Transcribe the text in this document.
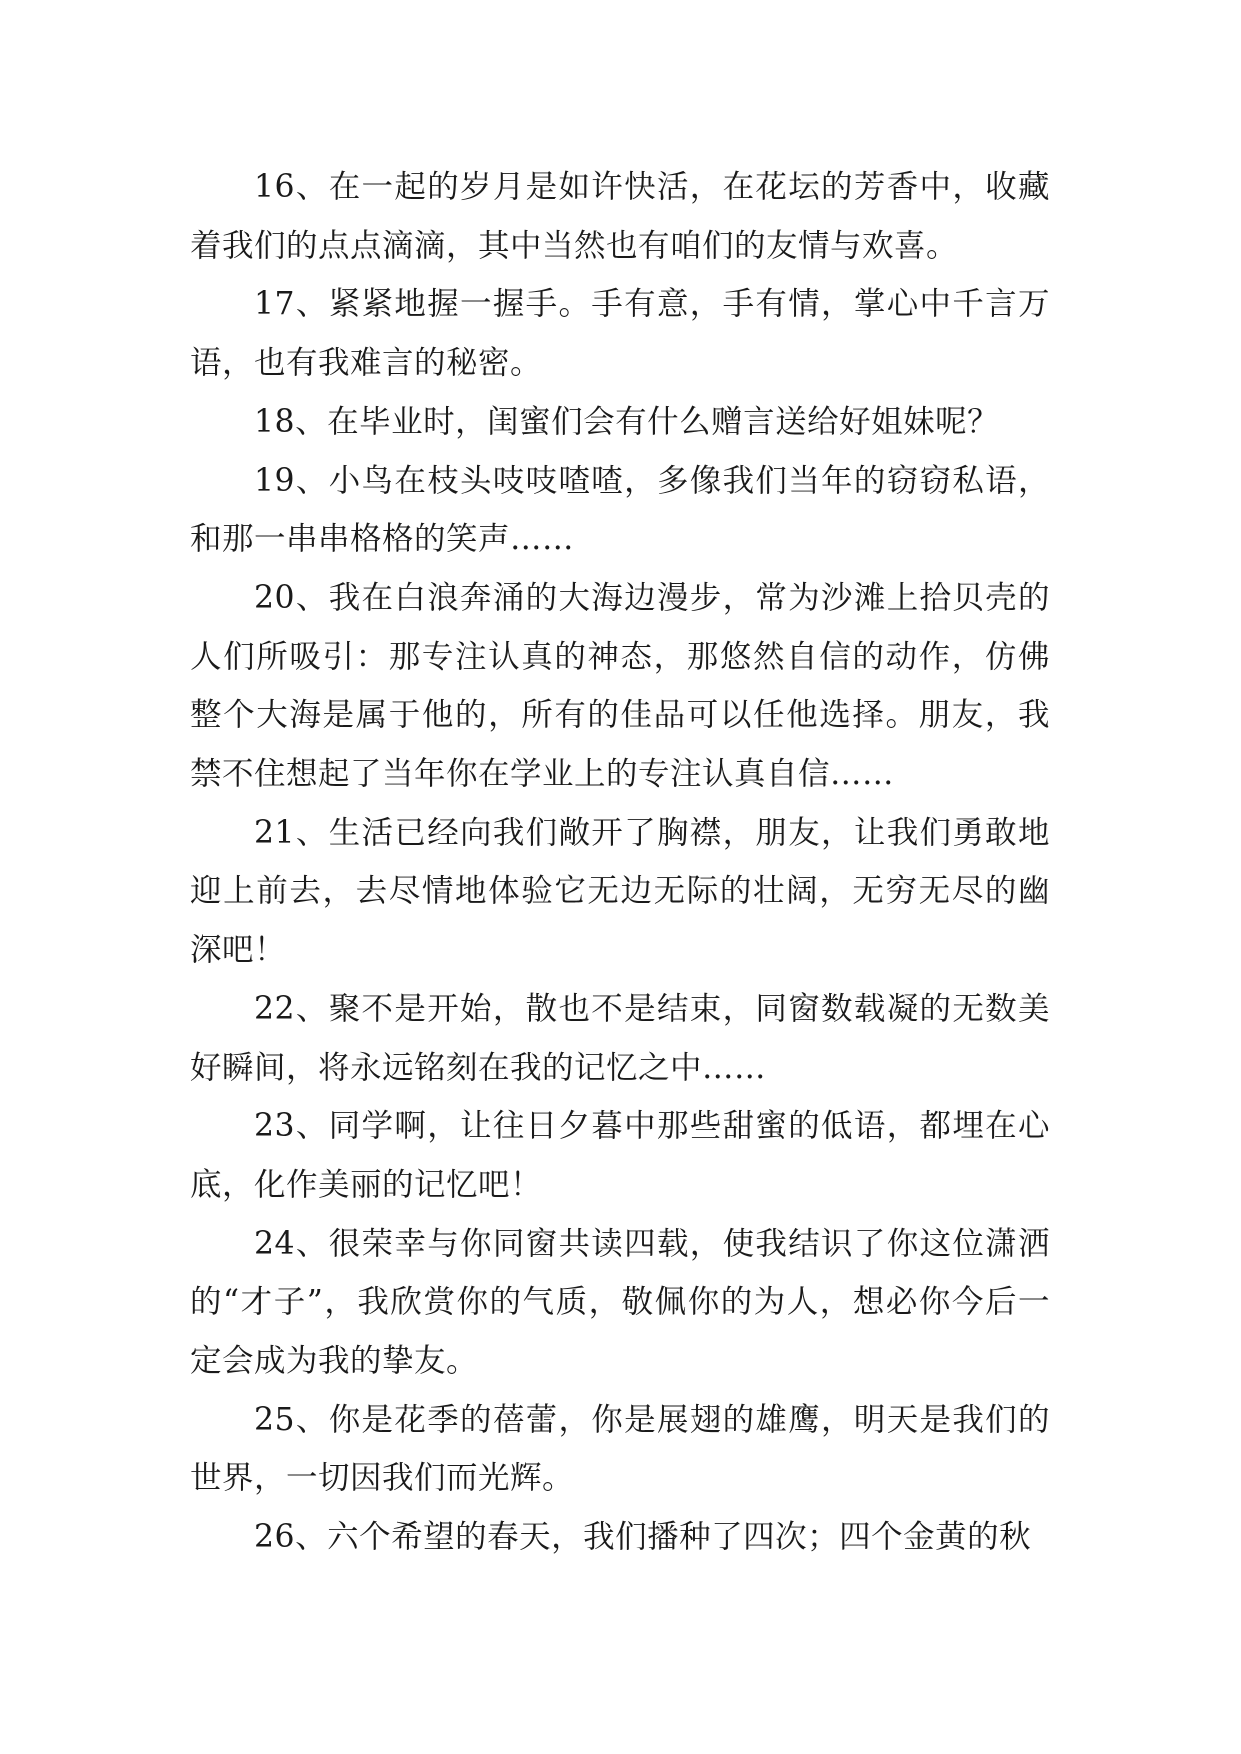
16、在一起的岁月是如许快活，在花坛的芳香中，收藏着我们的点点滴滴，其中当然也有咱们的友情与欢喜。

17、紧紧地握一握手。手有意，手有情，掌心中千言万语，也有我难言的秘密。

18、在毕业时，闺蜜们会有什么赠言送给好姐妹呢？

19、小鸟在枝头吱吱喳喳，多像我们当年的窃窃私语，和那一串串格格的笑声……

20、我在白浪奔涌的大海边漫步，常为沙滩上拾贝壳的人们所吸引：那专注认真的神态，那悠然自信的动作，仿佛整个大海是属于他的，所有的佳品可以任他选择。朋友，我禁不住想起了当年你在学业上的专注认真自信……

21、生活已经向我们敞开了胸襟，朋友，让我们勇敢地迎上前去，去尽情地体验它无边无际的壮阔，无穷无尽的幽深吧！

22、聚不是开始，散也不是结束，同窗数载凝的无数美好瞬间，将永远铭刻在我的记忆之中……

23、同学啊，让往日夕暮中那些甜蜜的低语，都埋在心底，化作美丽的记忆吧！

24、很荣幸与你同窗共读四载，使我结识了你这位潇洒的“才子”，我欣赏你的气质，敬佩你的为人，想必你今后一定会成为我的挚友。

25、你是花季的蓓蕾，你是展翅的雄鹰，明天是我们的世界，一切因我们而光辉。

26、六个希望的春天，我们播种了四次；四个金黄的秋
